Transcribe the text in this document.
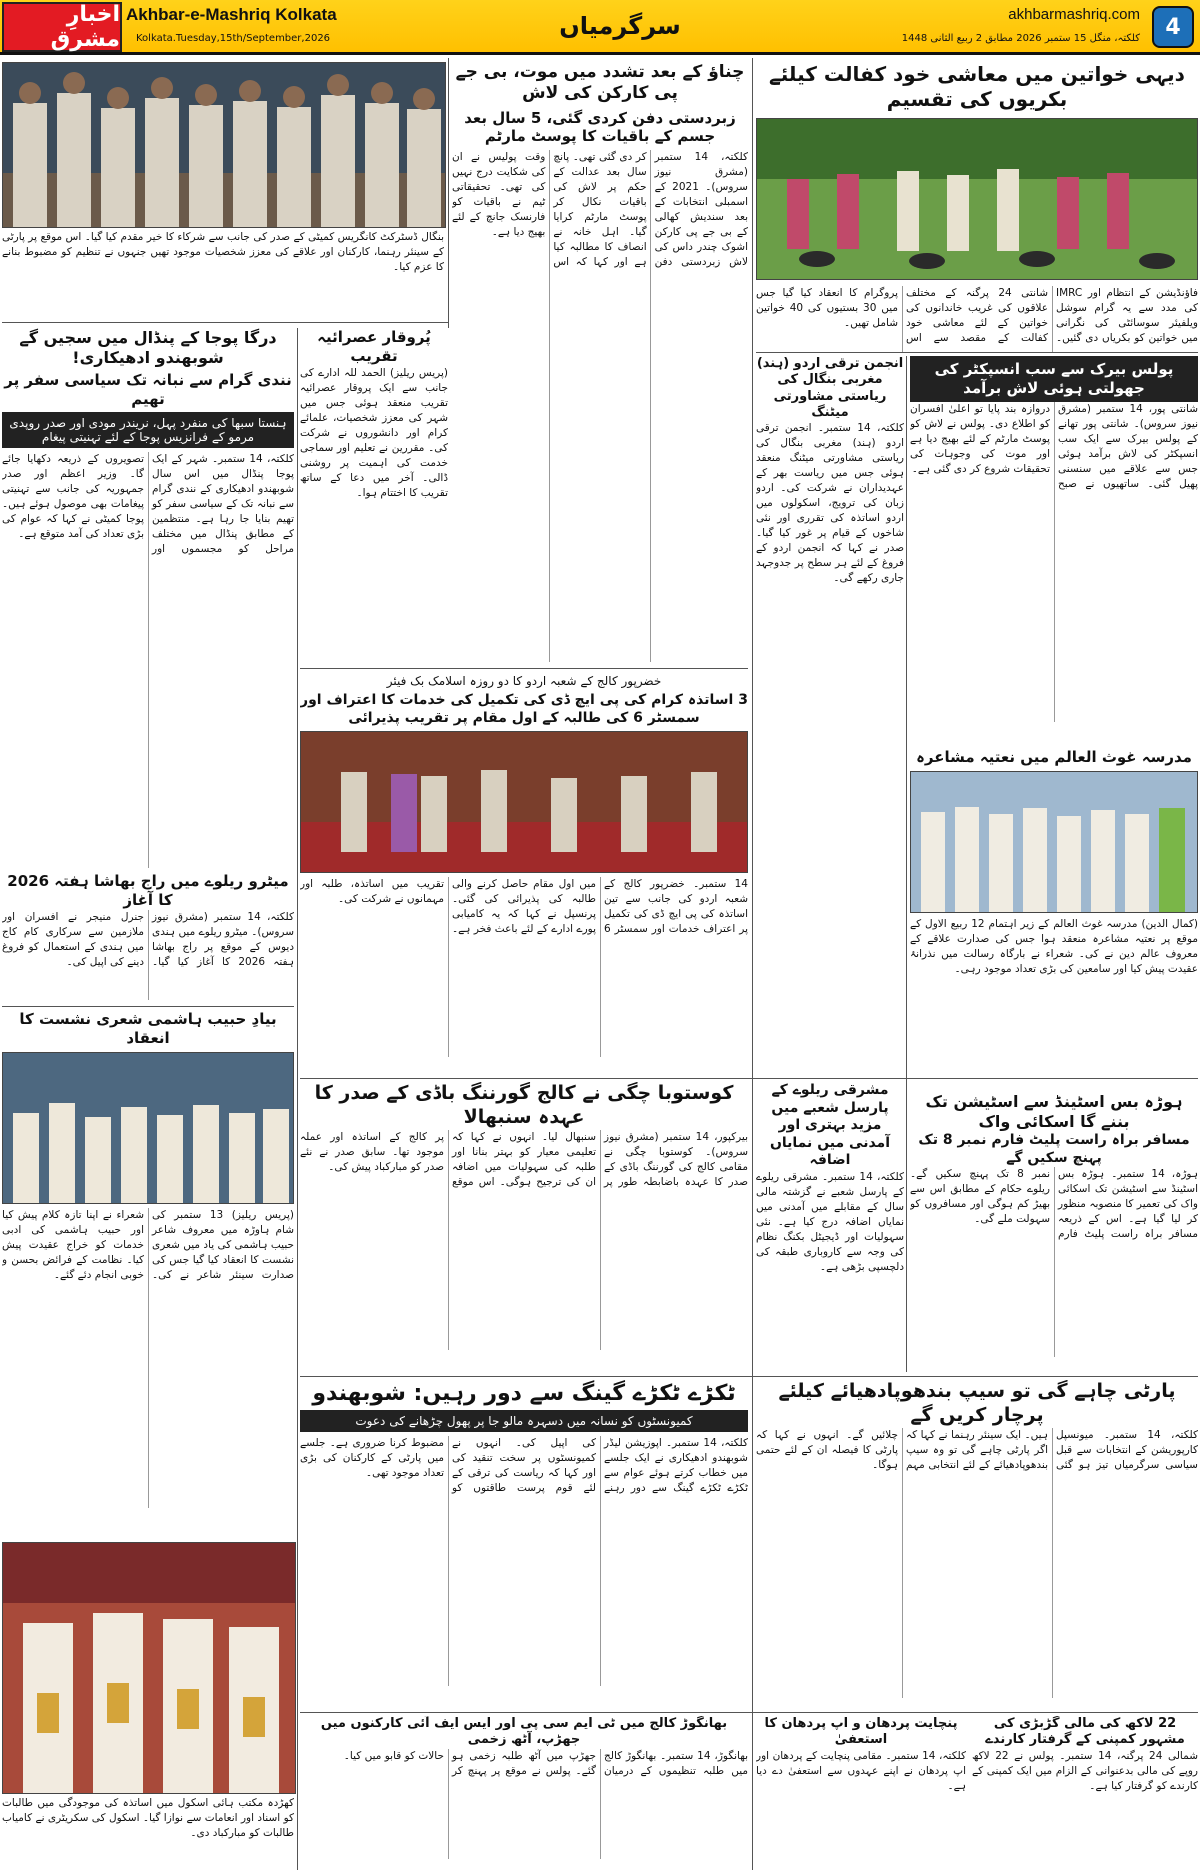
اخبارِ مشرق
Akhbar-e-Mashriq Kolkata
Kolkata.Tuesday,15th/September,2026	سرگرمیاں	akhbarmashriq.com
کلکتہ، منگل 15 ستمبر 2026 مطابق 2 ربیع الثانی 1448	4
بنگال ڈسٹرکٹ کانگریس کمیٹی کے صدر کی جانب سے شرکاء کا خیر مقدم کیا گیا۔ اس موقع پر پارٹی کے سینئر رہنما، کارکنان اور علاقے کی معزز شخصیات موجود تھیں جنہوں نے تنظیم کو مضبوط بنانے کا عزم کیا۔
چناؤ کے بعد تشدد میں موت، بی جے پی کارکن کی لاش
زبردستی دفن کردی گئی، 5 سال بعد جسم کے باقیات کا پوسٹ مارٹم
کلکتہ، 14 ستمبر (مشرق نیوز سروس)۔ 2021 کے اسمبلی انتخابات کے بعد سندیش کھالی کے بی جے پی کارکن اشوک چندر داس کی لاش زبردستی دفن کر دی گئی تھی۔ پانچ سال بعد عدالت کے حکم پر لاش کی باقیات نکال کر پوسٹ مارٹم کرایا گیا۔ اہل خانہ نے انصاف کا مطالبہ کیا ہے اور کہا کہ اس وقت پولیس نے ان کی شکایت درج نہیں کی تھی۔ تحقیقاتی ٹیم نے باقیات کو فارنسک جانچ کے لئے بھیج دیا ہے۔
دیہی خواتین میں معاشی خود کفالت کیلئے بکریوں کی تقسیم
فاؤنڈیشن کے انتظام اور IMRC کی مدد سے یہ گرام سوشل ویلفیئر سوسائٹی کی نگرانی میں خواتین کو بکریاں دی گئیں۔ شانتی 24 پرگنہ کے مختلف علاقوں کی غریب خاندانوں کی خواتین کے لئے معاشی خود کفالت کے مقصد سے اس پروگرام کا انعقاد کیا گیا جس میں 30 بستیوں کی 40 خواتین شامل تھیں۔
درگا پوجا کے پنڈال میں سجیں گے شوبھندو ادھیکاری!
نندی گرام سے نبانہ تک سیاسی سفر پر تھیم
ہنستا سبھا کی منفرد پہل، نریندر مودی اور صدر روپدی مرمو کے فرانزیس پوجا کے لئے تہنیتی پیغام
کلکتہ، 14 ستمبر۔ شہر کے ایک پوجا پنڈال میں اس سال شوبھندو ادھیکاری کے نندی گرام سے نبانہ تک کے سیاسی سفر کو تھیم بنایا جا رہا ہے۔ منتظمین کے مطابق پنڈال میں مختلف مراحل کو مجسموں اور تصویروں کے ذریعہ دکھایا جائے گا۔ وزیر اعظم اور صدر جمہوریہ کی جانب سے تہنیتی پیغامات بھی موصول ہوئے ہیں۔ پوجا کمیٹی نے کہا کہ عوام کی بڑی تعداد کی آمد متوقع ہے۔
پُروقار عصرائیہ تقریب
(پریس ریلیز) الحمد للہ ادارے کی جانب سے ایک پروقار عصرائیہ تقریب منعقد ہوئی جس میں شہر کی معزز شخصیات، علمائے کرام اور دانشوروں نے شرکت کی۔ مقررین نے تعلیم اور سماجی خدمت کی اہمیت پر روشنی ڈالی۔ آخر میں دعا کے ساتھ تقریب کا اختتام ہوا۔
انجمن ترقی اردو (ہند) مغربی بنگال کی ریاستی مشاورتی میٹنگ
کلکتہ، 14 ستمبر۔ انجمن ترقی اردو (ہند) مغربی بنگال کی ریاستی مشاورتی میٹنگ منعقد ہوئی جس میں ریاست بھر کے عہدیداران نے شرکت کی۔ اردو زبان کی ترویج، اسکولوں میں اردو اساتذہ کی تقرری اور نئی شاخوں کے قیام پر غور کیا گیا۔ صدر نے کہا کہ انجمن اردو کے فروغ کے لئے ہر سطح پر جدوجہد جاری رکھے گی۔
پولس بیرک سے سب انسپکٹر کی جھولتی ہوئی لاش برآمد
شانتی پور، 14 ستمبر (مشرق نیوز سروس)۔ شانتی پور تھانے کے پولس بیرک سے ایک سب انسپکٹر کی لاش برآمد ہوئی جس سے علاقے میں سنسنی پھیل گئی۔ ساتھیوں نے صبح دروازہ بند پایا تو اعلیٰ افسران کو اطلاع دی۔ پولس نے لاش کو پوسٹ مارٹم کے لئے بھیج دیا ہے اور موت کی وجوہات کی تحقیقات شروع کر دی گئی ہے۔
مدرسہ غوث العالم میں نعتیہ مشاعرہ
(کمال الدین) مدرسہ غوث العالم کے زیر اہتمام 12 ربیع الاول کے موقع پر نعتیہ مشاعرہ منعقد ہوا جس کی صدارت علاقے کے معروف عالم دین نے کی۔ شعراء نے بارگاہ رسالت میں نذرانۂ عقیدت پیش کیا اور سامعین کی بڑی تعداد موجود رہی۔
خضرپور کالج کے شعبہ اردو کا دو روزہ اسلامک بک فیئر
3 اساتذہ کرام کی پی ایچ ڈی کی تکمیل کی خدمات کا اعتراف اور سمسٹر 6 کی طالبہ کے اول مقام پر تقریب پذیرائی
14 ستمبر۔ خضرپور کالج کے شعبہ اردو کی جانب سے تین اساتذہ کی پی ایچ ڈی کی تکمیل پر اعتراف خدمات اور سمسٹر 6 میں اول مقام حاصل کرنے والی طالبہ کی پذیرائی کی گئی۔ پرنسپل نے کہا کہ یہ کامیابی پورے ادارے کے لئے باعث فخر ہے۔ تقریب میں اساتذہ، طلبہ اور مہمانوں نے شرکت کی۔
میٹرو ریلوے میں راج بھاشا ہفتہ 2026 کا آغاز
کلکتہ، 14 ستمبر (مشرق نیوز سروس)۔ میٹرو ریلوے میں ہندی دیوس کے موقع پر راج بھاشا ہفتہ 2026 کا آغاز کیا گیا۔ جنرل منیجر نے افسران اور ملازمین سے سرکاری کام کاج میں ہندی کے استعمال کو فروغ دینے کی اپیل کی۔
بیادِ حبیب ہاشمی شعری نشست کا انعقاد
(پریس ریلیز) 13 ستمبر کی شام ہاوڑہ میں معروف شاعر حبیب ہاشمی کی یاد میں شعری نشست کا انعقاد کیا گیا جس کی صدارت سینئر شاعر نے کی۔ شعراء نے اپنا تازہ کلام پیش کیا اور حبیب ہاشمی کی ادبی خدمات کو خراج عقیدت پیش کیا۔ نظامت کے فرائض بحسن و خوبی انجام دئے گئے۔
کوستوبا چگی نے کالج گورننگ باڈی کے صدر کا عہدہ سنبھالا
بیرکپور، 14 ستمبر (مشرق نیوز سروس)۔ کوستوبا چگی نے مقامی کالج کی گورننگ باڈی کے صدر کا عہدہ باضابطہ طور پر سنبھال لیا۔ انہوں نے کہا کہ تعلیمی معیار کو بہتر بنانا اور طلبہ کی سہولیات میں اضافہ ان کی ترجیح ہوگی۔ اس موقع پر کالج کے اساتذہ اور عملہ موجود تھا۔ سابق صدر نے نئے صدر کو مبارکباد پیش کی۔
مشرقی ریلوے کے پارسل شعبے میں مزید بہتری اور آمدنی میں نمایاں اضافہ
کلکتہ، 14 ستمبر۔ مشرقی ریلوے کے پارسل شعبے نے گزشتہ مالی سال کے مقابلے میں آمدنی میں نمایاں اضافہ درج کیا ہے۔ نئی سہولیات اور ڈیجیٹل بکنگ نظام کی وجہ سے کاروباری طبقہ کی دلچسپی بڑھی ہے۔
ہوڑہ بس اسٹینڈ سے اسٹیشن تک بننے گا اسکائی واک
مسافر براہ راست پلیٹ فارم نمبر 8 تک پہنچ سکیں گے
ہوڑہ، 14 ستمبر۔ ہوڑہ بس اسٹینڈ سے اسٹیشن تک اسکائی واک کی تعمیر کا منصوبہ منظور کر لیا گیا ہے۔ اس کے ذریعہ مسافر براہ راست پلیٹ فارم نمبر 8 تک پہنچ سکیں گے۔ ریلوے حکام کے مطابق اس سے بھیڑ کم ہوگی اور مسافروں کو سہولت ملے گی۔
ٹکڑے ٹکڑے گینگ سے دور رہیں: شوبھندو
کمیونسٹوں کو نسانہ میں دسہرہ مالو جا پر پھول چڑھانے کی دعوت
کلکتہ، 14 ستمبر۔ اپوزیشن لیڈر شوبھندو ادھیکاری نے ایک جلسے میں خطاب کرتے ہوئے عوام سے ٹکڑے ٹکڑے گینگ سے دور رہنے کی اپیل کی۔ انہوں نے کمیونسٹوں پر سخت تنقید کی اور کہا کہ ریاست کی ترقی کے لئے قوم پرست طاقتوں کو مضبوط کرنا ضروری ہے۔ جلسے میں پارٹی کے کارکنان کی بڑی تعداد موجود تھی۔
پارٹی چاہے گی تو سیپ بندھوپادھیائے کیلئے پرچار کریں گے
کلکتہ، 14 ستمبر۔ میونسپل کارپوریشن کے انتخابات سے قبل سیاسی سرگرمیاں تیز ہو گئی ہیں۔ ایک سینئر رہنما نے کہا کہ اگر پارٹی چاہے گی تو وہ سیپ بندھوپادھیائے کے لئے انتخابی مہم چلائیں گے۔ انہوں نے کہا کہ پارٹی کا فیصلہ ان کے لئے حتمی ہوگا۔
کھڑدہ مکتب ہائی اسکول میں اساتذہ کی موجودگی میں طالبات کو اسناد اور انعامات سے نوازا گیا۔ اسکول کی سکریٹری نے کامیاب طالبات کو مبارکباد دی۔
بھانگوڑ کالج میں ٹی ایم سی پی اور ایس ایف آئی کارکنوں میں جھڑپ، آٹھ زخمی
بھانگوڑ، 14 ستمبر۔ بھانگوڑ کالج میں طلبہ تنظیموں کے درمیان جھڑپ میں آٹھ طلبہ زخمی ہو گئے۔ پولس نے موقع پر پہنچ کر حالات کو قابو میں کیا۔
پنچایت پردھان و اپ پردھان کا استعفیٰ
کلکتہ، 14 ستمبر۔ مقامی پنچایت کے پردھان اور اپ پردھان نے اپنے عہدوں سے استعفیٰ دے دیا ہے۔
22 لاکھ کی مالی گڑبڑی کی مشہور کمپنی کے گرفتار کارندے
شمالی 24 پرگنہ، 14 ستمبر۔ پولس نے 22 لاکھ روپے کی مالی بدعنوانی کے الزام میں ایک کمپنی کے کارندے کو گرفتار کیا ہے۔
